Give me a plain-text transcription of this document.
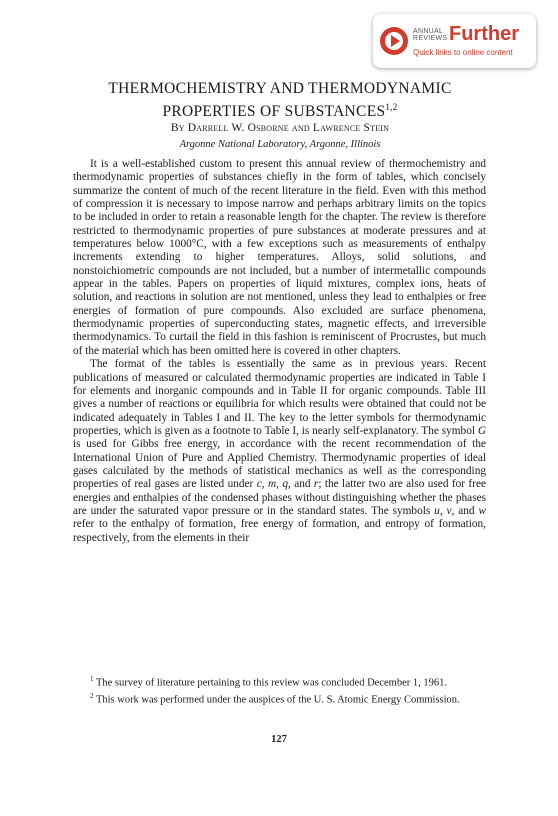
ANNUAL
REVIEWS Further
Quick links to online content
THERMOCHEMISTRY AND THERMODYNAMIC
PROPERTIES OF SUBSTANCES$^{1,2}$
By Darrell W. Osborne and Lawrence Stein
Argonne National Laboratory, Argonne, Illinois

It is a well-established custom to present this annual review of thermochemistry and thermodynamic properties of substances chiefly in the form of tables, which concisely summarize the content of much of the recent literature in the field. Even with this method of compression it is necessary to impose narrow and perhaps arbitrary limits on the topics to be included in order to retain a reasonable length for the chapter. The review is therefore restricted to thermodynamic properties of pure substances at moderate pressures and at temperatures below 1000°C, with a few exceptions such as measurements of enthalpy increments extending to higher temperatures. Alloys, solid solutions, and nonstoichiometric compounds are not included, but a number of intermetallic compounds appear in the tables. Papers on properties of liquid mixtures, complex ions, heats of solution, and reactions in solution are not mentioned, unless they lead to enthalpies or free energies of formation of pure compounds. Also excluded are surface phenomena, thermodynamic properties of superconducting states, magnetic effects, and irreversible thermodynamics. To curtail the field in this fashion is reminiscent of Procrustes, but much of the material which has been omitted here is covered in other chapters.

The format of the tables is essentially the same as in previous years. Recent publications of measured or calculated thermodynamic properties are indicated in Table I for elements and inorganic compounds and in Table II for organic compounds. Table III gives a number of reactions or equilibria for which results were obtained that could not be indicated adequately in Tables I and II. The key to the letter symbols for thermodynamic properties, which is given as a footnote to Table I, is nearly self-explanatory. The symbol G is used for Gibbs free energy, in accordance with the recent recommendation of the International Union of Pure and Applied Chemistry. Thermodynamic properties of ideal gases calculated by the methods of statistical mechanics as well as the corresponding properties of real gases are listed under c, m, q, and r; the latter two are also used for free energies and enthalpies of the condensed phases without distinguishing whether the phases are under the saturated vapor pressure or in the standard states. The symbols u, v, and w refer to the enthalpy of formation, free energy of formation, and entropy of formation, respectively, from the elements in their

$^1$ The survey of literature pertaining to this review was concluded December 1, 1961.

$^2$ This work was performed under the auspices of the U. S. Atomic Energy Commission.

127
